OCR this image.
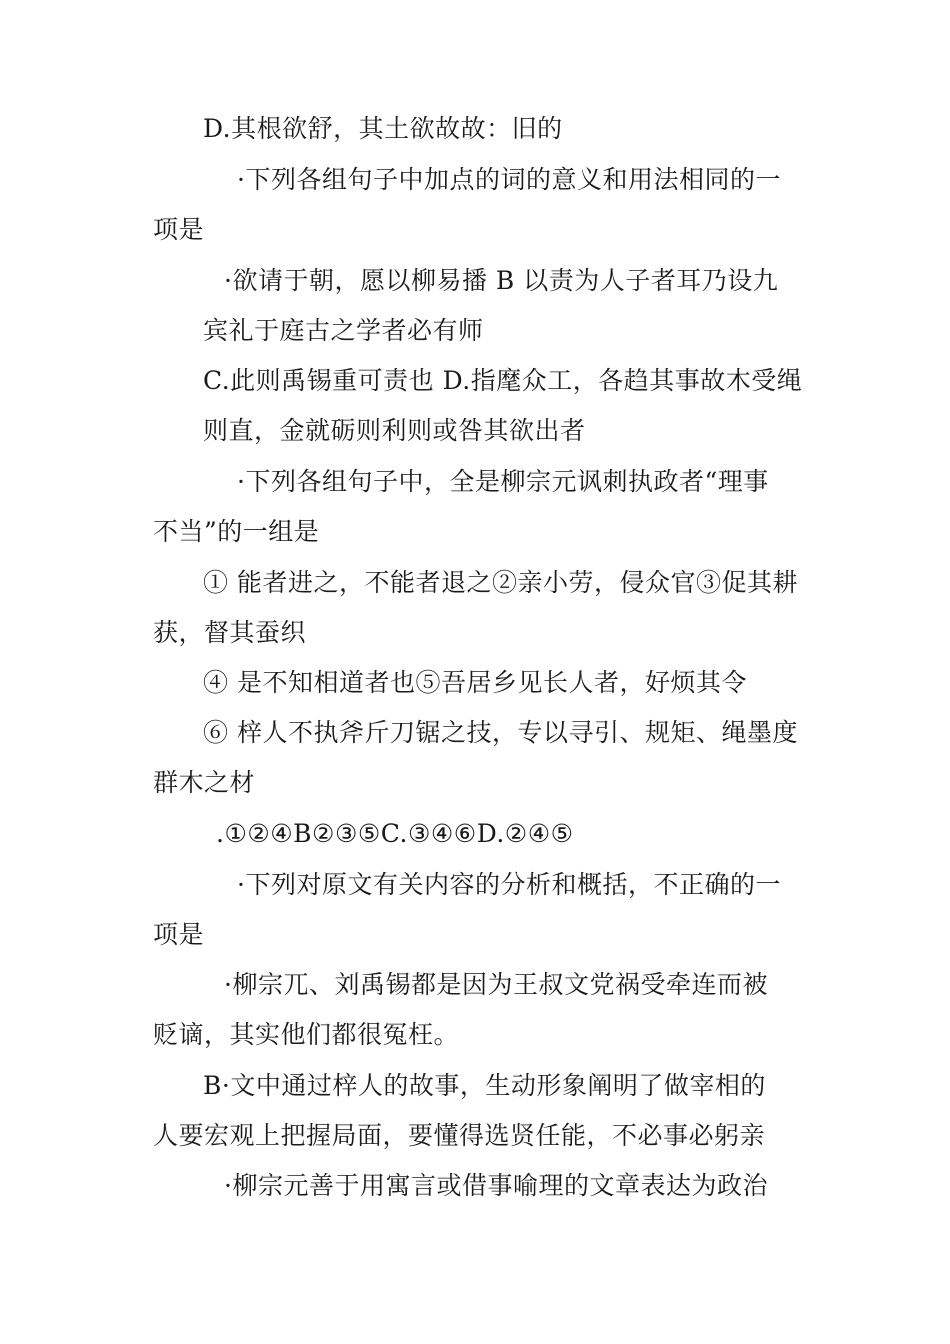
D.其根欲舒，其土欲故故：旧的
·下列各组句子中加点的词的意义和用法相同的一
项是
·欲请于朝，愿以柳易播 B 以责为人子者耳乃设九
宾礼于庭古之学者必有师
C.此则禹锡重可责也 D.指麾众工，各趋其事故木受绳
则直，金就砺则利则或咎其欲出者
·下列各组句子中，全是柳宗元讽刺执政者“理事
不当”的一组是
① 能者进之，不能者退之②亲小劳，侵众官③促其耕
获，督其蚕织
④ 是不知相道者也⑤吾居乡见长人者，好烦其令
⑥ 梓人不执斧斤刀锯之技，专以寻引、规矩、绳墨度
群木之材
.①②④B②③⑤C.③④⑥D.②④⑤
·下列对原文有关内容的分析和概括，不正确的一
项是
·柳宗兀、刘禹锡都是因为王叔文党祸受牵连而被
贬谪，其实他们都很冤枉。
B·文中通过梓人的故事，生动形象阐明了做宰相的
人要宏观上把握局面，要懂得选贤任能，不必事必躬亲
·柳宗元善于用寓言或借事喻理的文章表达为政治
